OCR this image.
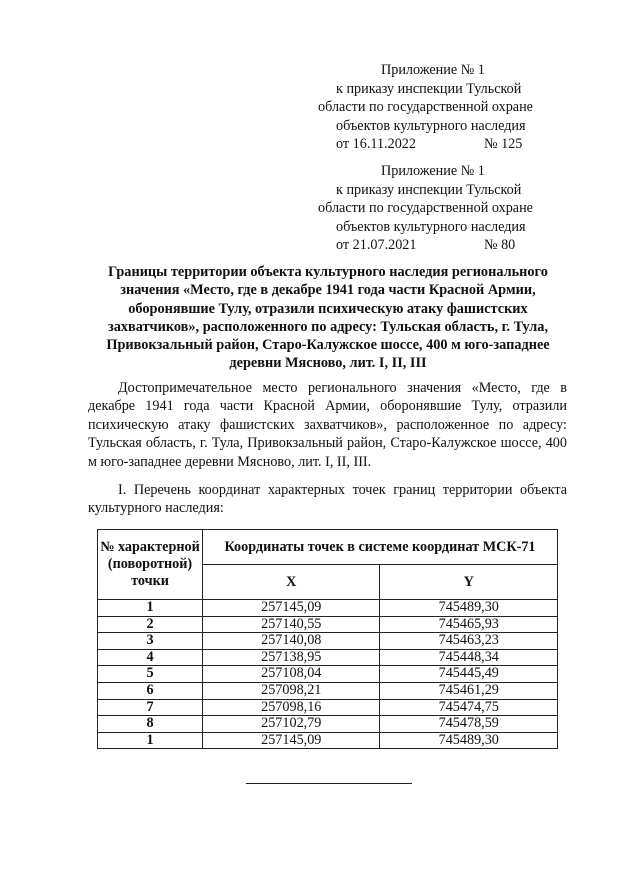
Приложение № 1
к приказу инспекции Тульской
области по государственной охране
объектов культурного наследия
от 16.11.2022	№ 125
Приложение № 1
к приказу инспекции Тульской
области по государственной охране
объектов культурного наследия
от 21.07.2021	№ 80
Границы территории объекта культурного наследия регионального значения «Место, где в декабре 1941 года части Красной Армии, оборонявшие Тулу, отразили психическую атаку фашистских захватчиков», расположенного по адресу: Тульская область, г. Тула, Привокзальный район, Старо-Калужское шоссе, 400 м юго-западнее деревни Мясново, лит. I, II, III
Достопримечательное место регионального значения «Место, где в декабре 1941 года части Красной Армии, оборонявшие Тулу, отразили психическую атаку фашистских захватчиков», расположенное по адресу: Тульская область, г. Тула, Привокзальный район, Старо-Калужское шоссе, 400 м юго-западнее деревни Мясново, лит. I, II, III.
I. Перечень координат характерных точек границ территории объекта культурного наследия:
№ характерной (поворотной) точки	Координаты точек в системе координат МСК-71	
	X	Y
1	257145,09	745489,30
2	257140,55	745465,93
3	257140,08	745463,23
4	257138,95	745448,34
5	257108,04	745445,49
6	257098,21	745461,29
7	257098,16	745474,75
8	257102,79	745478,59
1	257145,09	745489,30
